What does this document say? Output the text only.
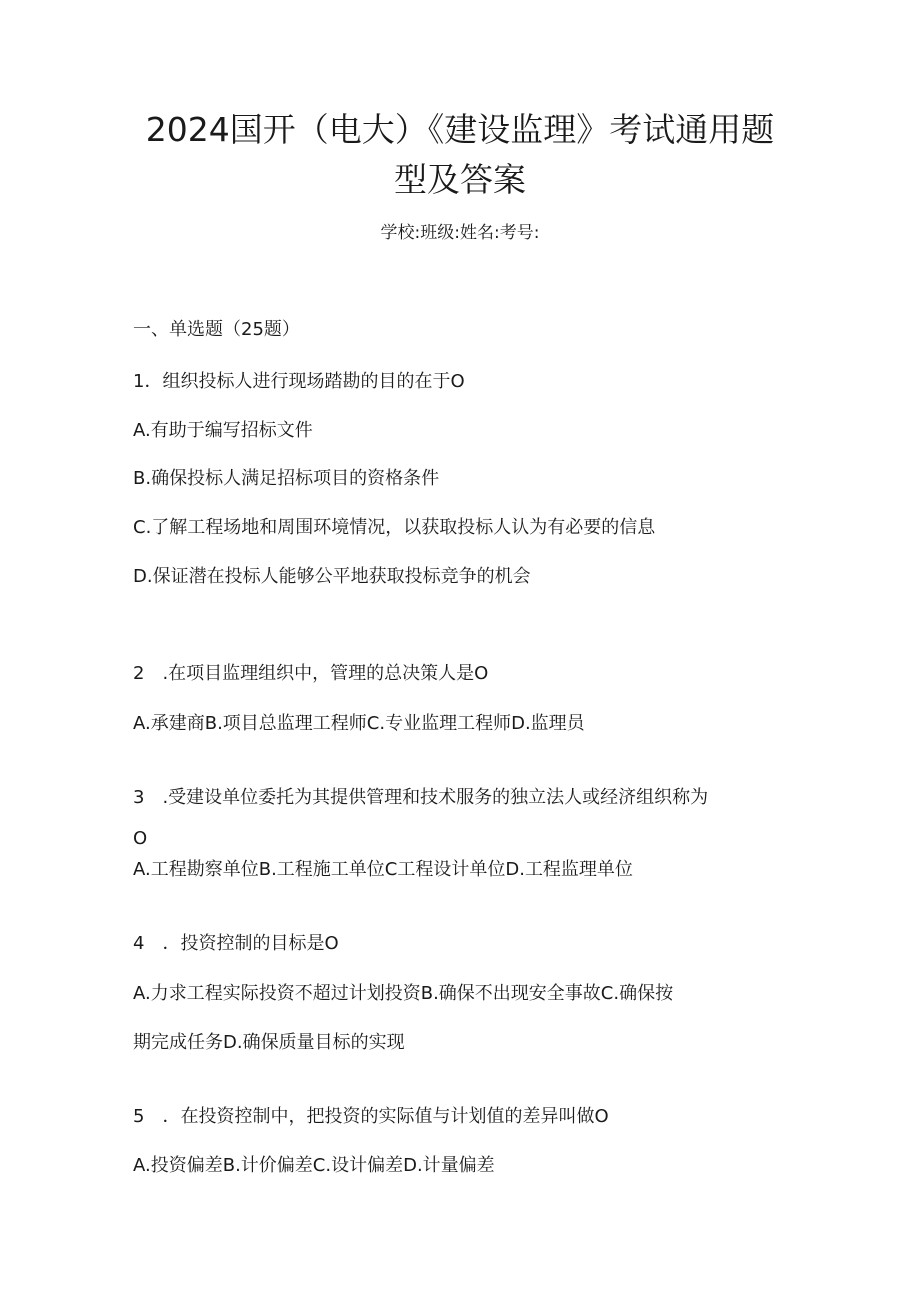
2024国开（电大）《建设监理》考试通用题
型及答案
学校:班级:姓名:考号:
一、单选题（25题）
1．组织投标人进行现场踏勘的目的在于O
A.有助于编写招标文件
B.确保投标人满足招标项目的资格条件
C.了解工程场地和周围环境情况，以获取投标人认为有必要的信息
D.保证潜在投标人能够公平地获取投标竞争的机会
2　.在项目监理组织中，管理的总决策人是O
A.承建商B.项目总监理工程师C.专业监理工程师D.监理员
3　.受建设单位委托为其提供管理和技术服务的独立法人或经济组织称为
O
A.工程勘察单位B.工程施工单位C工程设计单位D.工程监理单位
4　．投资控制的目标是O
A.力求工程实际投资不超过计划投资B.确保不出现安全事故C.确保按
期完成任务D.确保质量目标的实现
5　．在投资控制中，把投资的实际值与计划值的差异叫做O
A.投资偏差B.计价偏差C.设计偏差D.计量偏差
